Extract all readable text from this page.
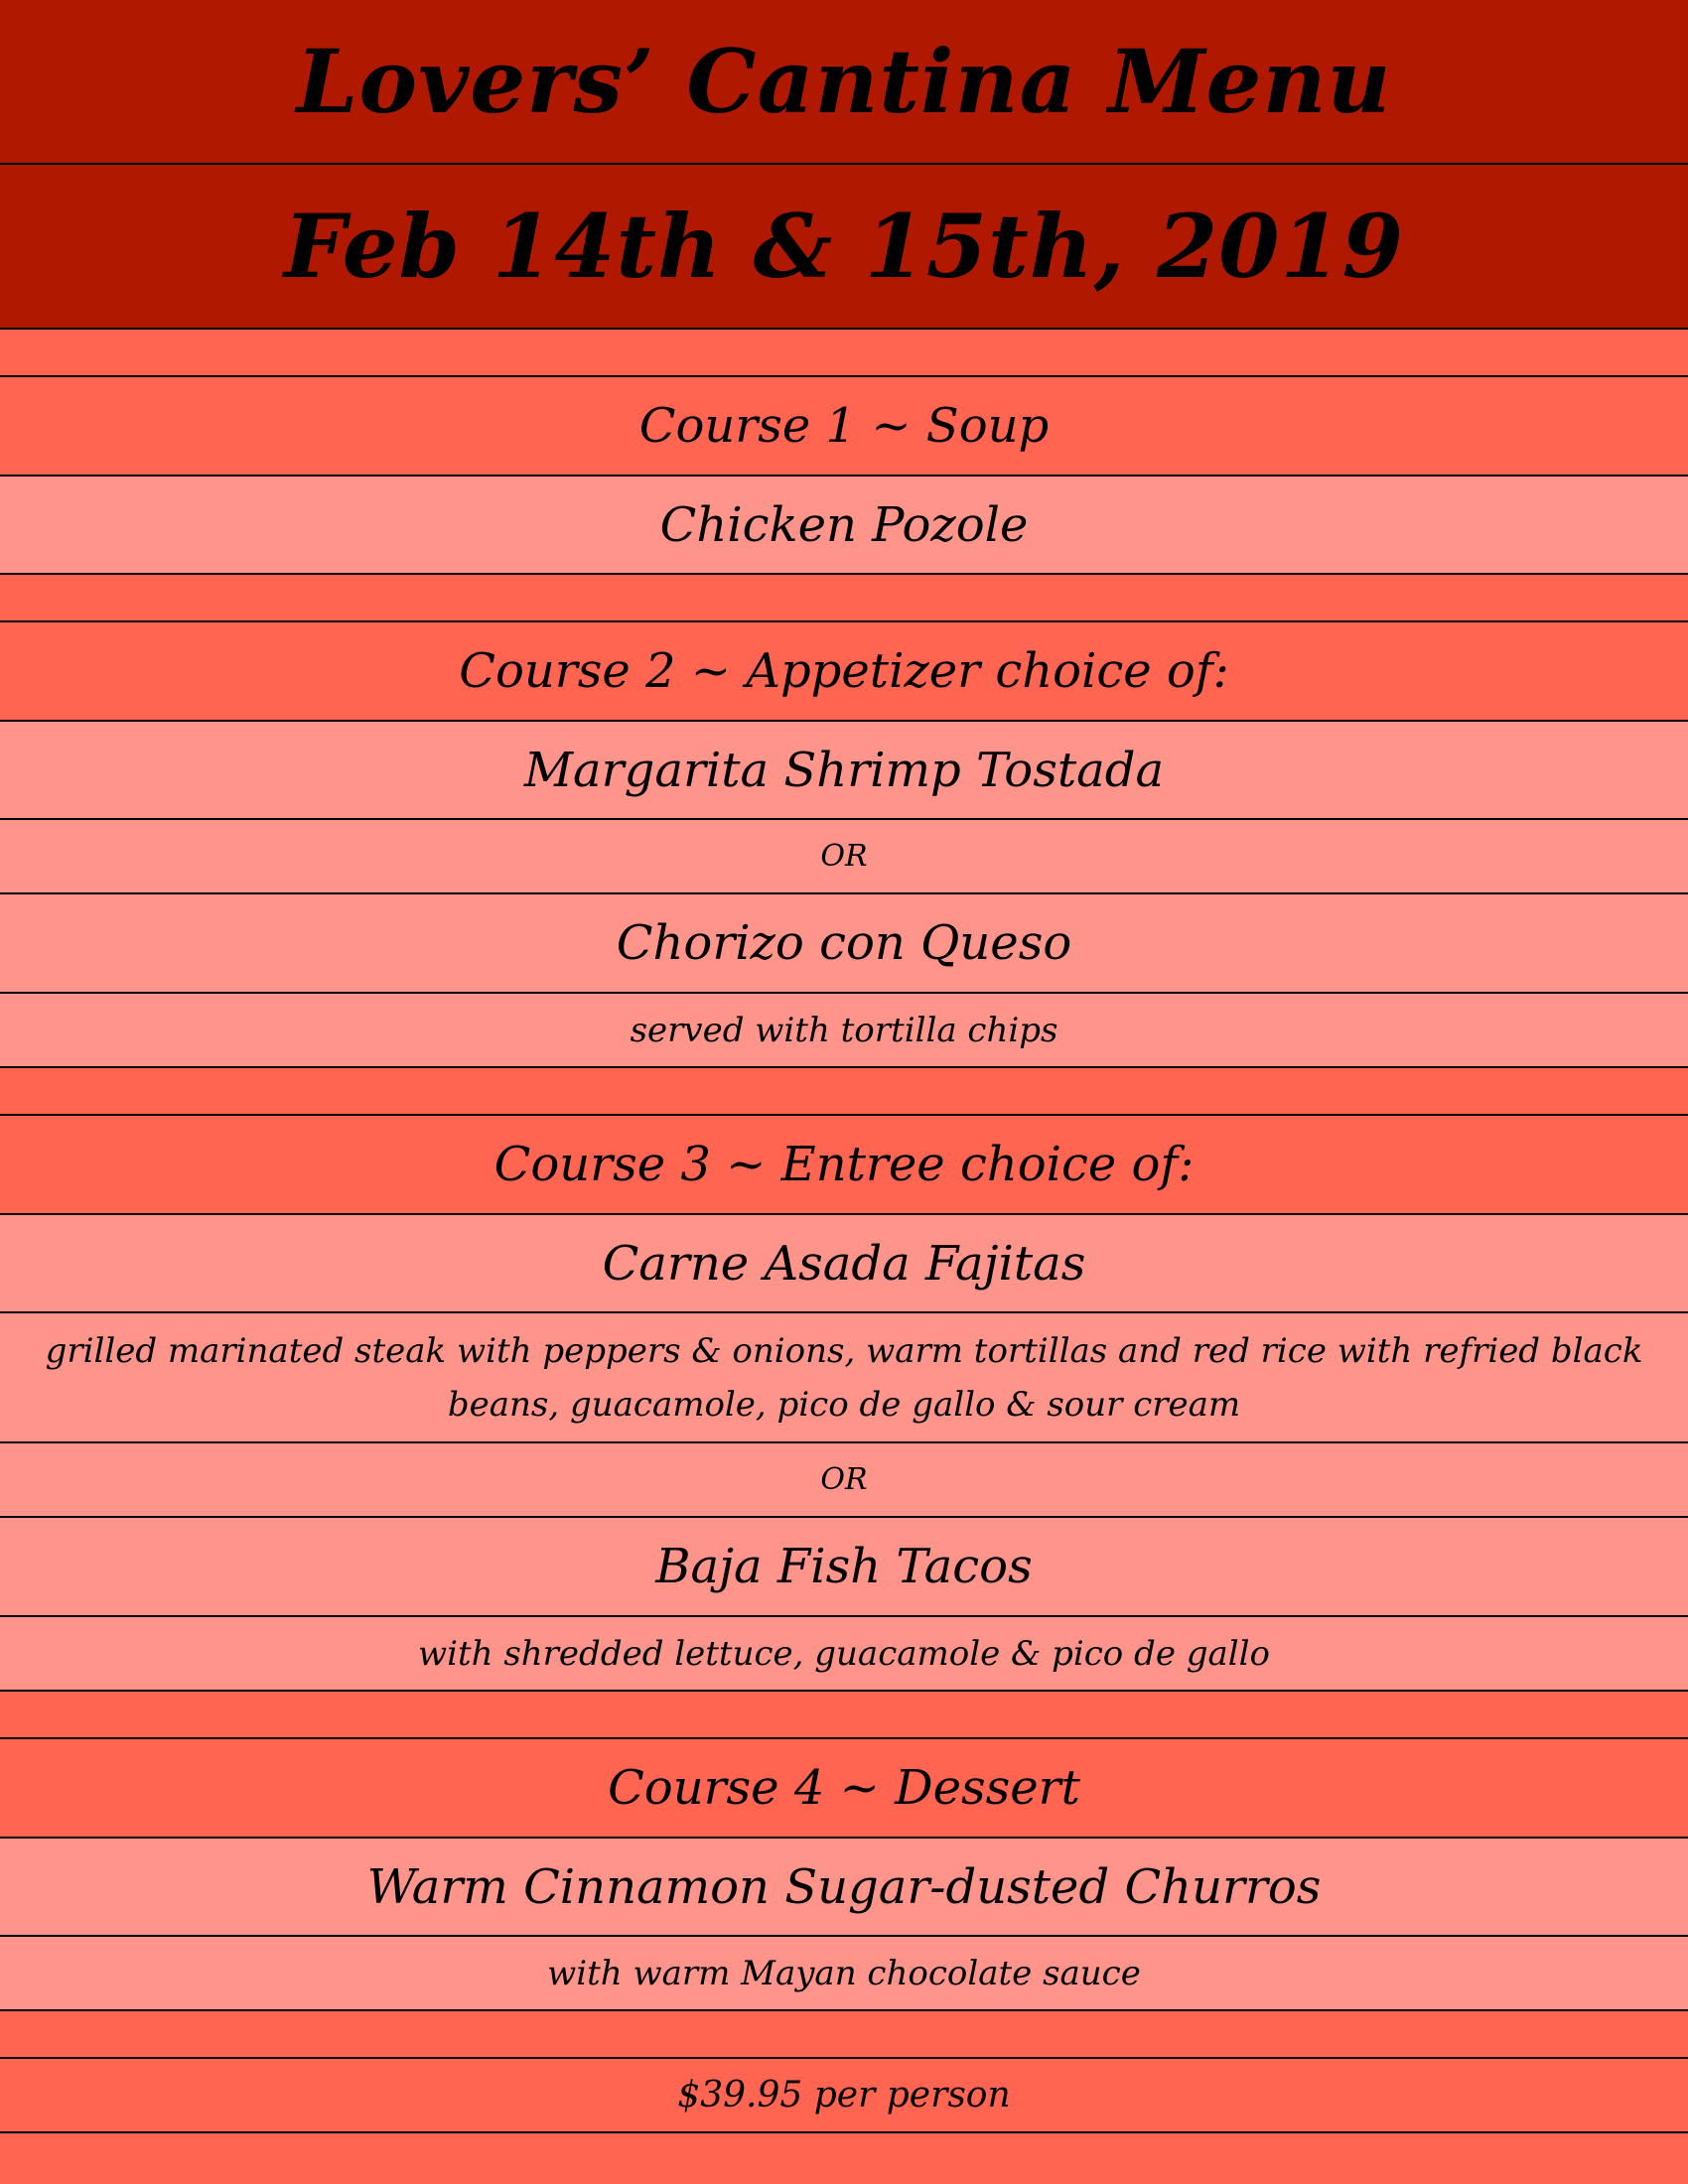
Lovers’ Cantina Menu
Feb 14th & 15th, 2019
Course 1 ~ Soup
Chicken Pozole
Course 2 ~ Appetizer choice of:
Margarita Shrimp Tostada
OR
Chorizo con Queso
served with tortilla chips
Course 3 ~ Entree choice of:
Carne Asada Fajitas
grilled marinated steak with peppers & onions, warm tortillas and red rice with refried black beans, guacamole, pico de gallo & sour cream
OR
Baja Fish Tacos
with shredded lettuce, guacamole & pico de gallo
Course 4 ~ Dessert
Warm Cinnamon Sugar-dusted Churros
with warm Mayan chocolate sauce
$39.95 per person
